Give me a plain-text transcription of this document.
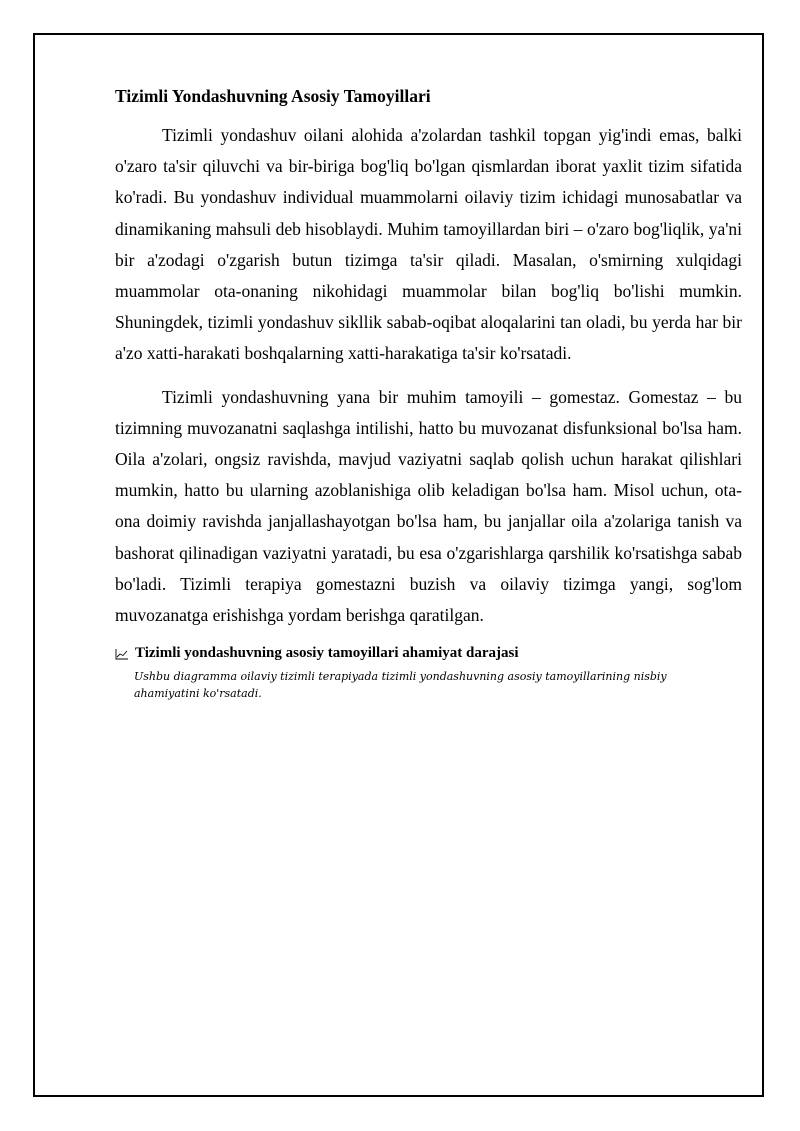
Tizimli Yondashuvning Asosiy Tamoyillari

Tizimli yondashuv oilani alohida a'zolardan tashkil topgan yig'indi emas, balki o'zaro ta'sir qiluvchi va bir-biriga bog'liq bo'lgan qismlardan iborat yaxlit tizim sifatida ko'radi. Bu yondashuv individual muammolarni oilaviy tizim ichidagi munosabatlar va dinamikaning mahsuli deb hisoblaydi. Muhim tamoyillardan biri – o'zaro bog'liqlik, ya'ni bir a'zodagi o'zgarish butun tizimga ta'sir qiladi. Masalan, o'smirning xulqidagi muammolar ota-onaning nikohidagi muammolar bilan bog'liq bo'lishi mumkin. Shuningdek, tizimli yondashuv sikllik sabab-oqibat aloqalarini tan oladi, bu yerda har bir a'zo xatti-harakati boshqalarning xatti-harakatiga ta'sir ko'rsatadi.

Tizimli yondashuvning yana bir muhim tamoyili – gomestaz. Gomestaz – bu tizimning muvozanatni saqlashga intilishi, hatto bu muvozanat disfunksional bo'lsa ham. Oila a'zolari, ongsiz ravishda, mavjud vaziyatni saqlab qolish uchun harakat qilishlari mumkin, hatto bu ularning azoblanishiga olib keladigan bo'lsa ham. Misol uchun, ota-ona doimiy ravishda janjallashayotgan bo'lsa ham, bu janjallar oila a'zolariga tanish va bashorat qilinadigan vaziyatni yaratadi, bu esa o'zgarishlarga qarshilik ko'rsatishga sabab bo'ladi. Tizimli terapiya gomestazni buzish va oilaviy tizimga yangi, sog'lom muvozanatga erishishga yordam berishga qaratilgan.

Tizimli yondashuvning asosiy tamoyillari ahamiyat darajasi
Ushbu diagramma oilaviy tizimli terapiyada tizimli yondashuvning asosiy tamoyillarining nisbiy ahamiyatini ko'rsatadi.
